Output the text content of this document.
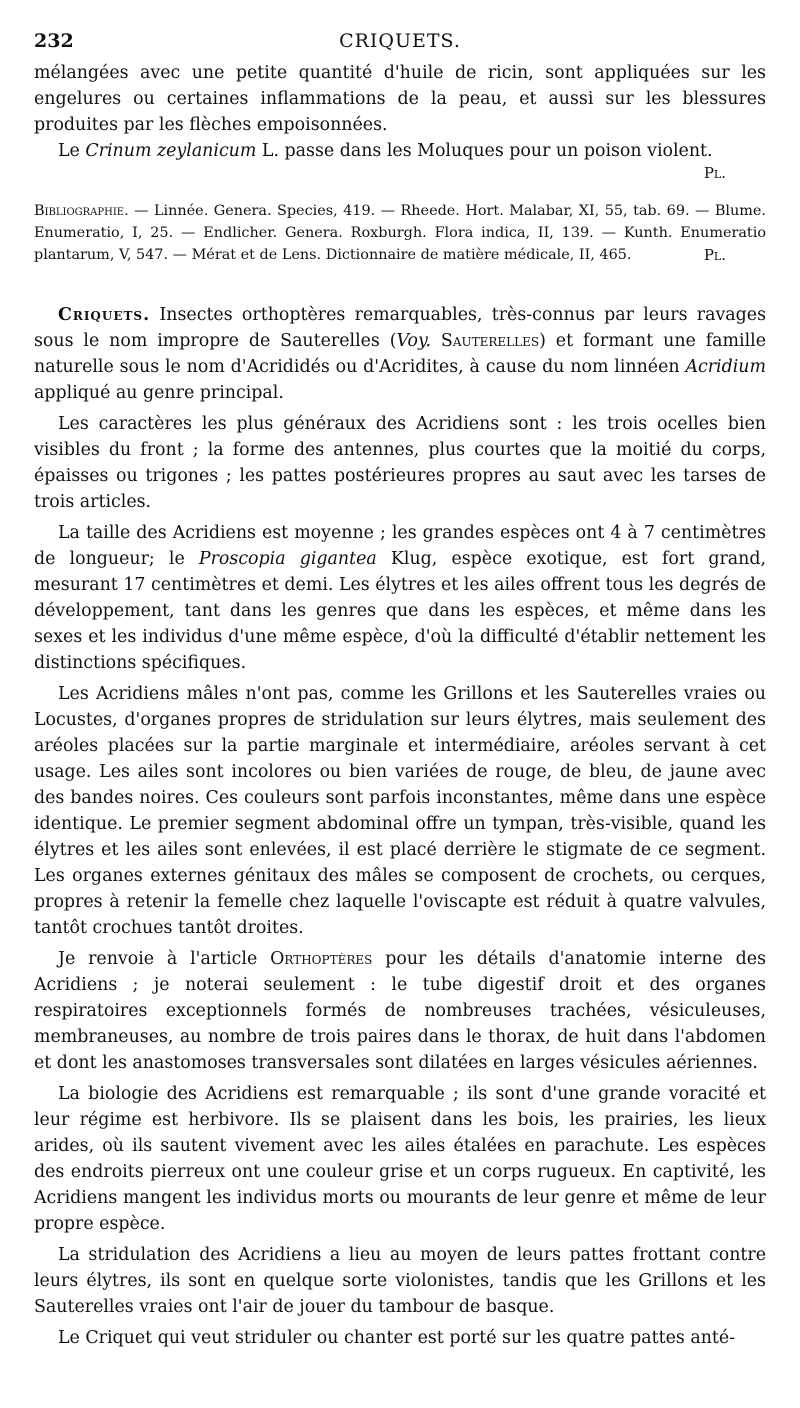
232	CRIQUETS.

mélangées avec une petite quantité d'huile de ricin, sont appliquées sur les engelures ou certaines inflammations de la peau, et aussi sur les blessures produites par les flèches empoisonnées.

Le Crinum zeylanicum L. passe dans les Moluques pour un poison violent.

Pl.

Bibliographie. — Linnée. Genera. Species, 419. — Rheede. Hort. Malabar, XI, 55, tab. 69. — Blume. Enumeratio, I, 25. — Endlicher. Genera. Roxburgh. Flora indica, II, 139. — Kunth. Enumeratio plantarum, V, 547. — Mérat et de Lens. Dictionnaire de matière médicale, II, 465.	Pl.

Criquets. Insectes orthoptères remarquables, très-connus par leurs ravages sous le nom impropre de Sauterelles (Voy. Sauterelles) et formant une famille naturelle sous le nom d'Acrididés ou d'Acridites, à cause du nom linnéen Acridium appliqué au genre principal.

Les caractères les plus généraux des Acridiens sont : les trois ocelles bien visibles du front ; la forme des antennes, plus courtes que la moitié du corps, épaisses ou trigones ; les pattes postérieures propres au saut avec les tarses de trois articles.

La taille des Acridiens est moyenne ; les grandes espèces ont 4 à 7 centimètres de longueur; le Proscopia gigantea Klug, espèce exotique, est fort grand, mesurant 17 centimètres et demi. Les élytres et les ailes offrent tous les degrés de développement, tant dans les genres que dans les espèces, et même dans les sexes et les individus d'une même espèce, d'où la difficulté d'établir nettement les distinctions spécifiques.

Les Acridiens mâles n'ont pas, comme les Grillons et les Sauterelles vraies ou Locustes, d'organes propres de stridulation sur leurs élytres, mais seulement des aréoles placées sur la partie marginale et intermédiaire, aréoles servant à cet usage. Les ailes sont incolores ou bien variées de rouge, de bleu, de jaune avec des bandes noires. Ces couleurs sont parfois inconstantes, même dans une espèce identique. Le premier segment abdominal offre un tympan, très-visible, quand les élytres et les ailes sont enlevées, il est placé derrière le stigmate de ce segment. Les organes externes génitaux des mâles se composent de crochets, ou cerques, propres à retenir la femelle chez laquelle l'oviscapte est réduit à quatre valvules, tantôt crochues tantôt droites.

Je renvoie à l'article Orthoptères pour les détails d'anatomie interne des Acridiens ; je noterai seulement : le tube digestif droit et des organes respiratoires exceptionnels formés de nombreuses trachées, vésiculeuses, membraneuses, au nombre de trois paires dans le thorax, de huit dans l'abdomen et dont les anastomoses transversales sont dilatées en larges vésicules aériennes.

La biologie des Acridiens est remarquable ; ils sont d'une grande voracité et leur régime est herbivore. Ils se plaisent dans les bois, les prairies, les lieux arides, où ils sautent vivement avec les ailes étalées en parachute. Les espèces des endroits pierreux ont une couleur grise et un corps rugueux. En captivité, les Acridiens mangent les individus morts ou mourants de leur genre et même de leur propre espèce.

La stridulation des Acridiens a lieu au moyen de leurs pattes frottant contre leurs élytres, ils sont en quelque sorte violonistes, tandis que les Grillons et les Sauterelles vraies ont l'air de jouer du tambour de basque.

Le Criquet qui veut striduler ou chanter est porté sur les quatre pattes anté-
